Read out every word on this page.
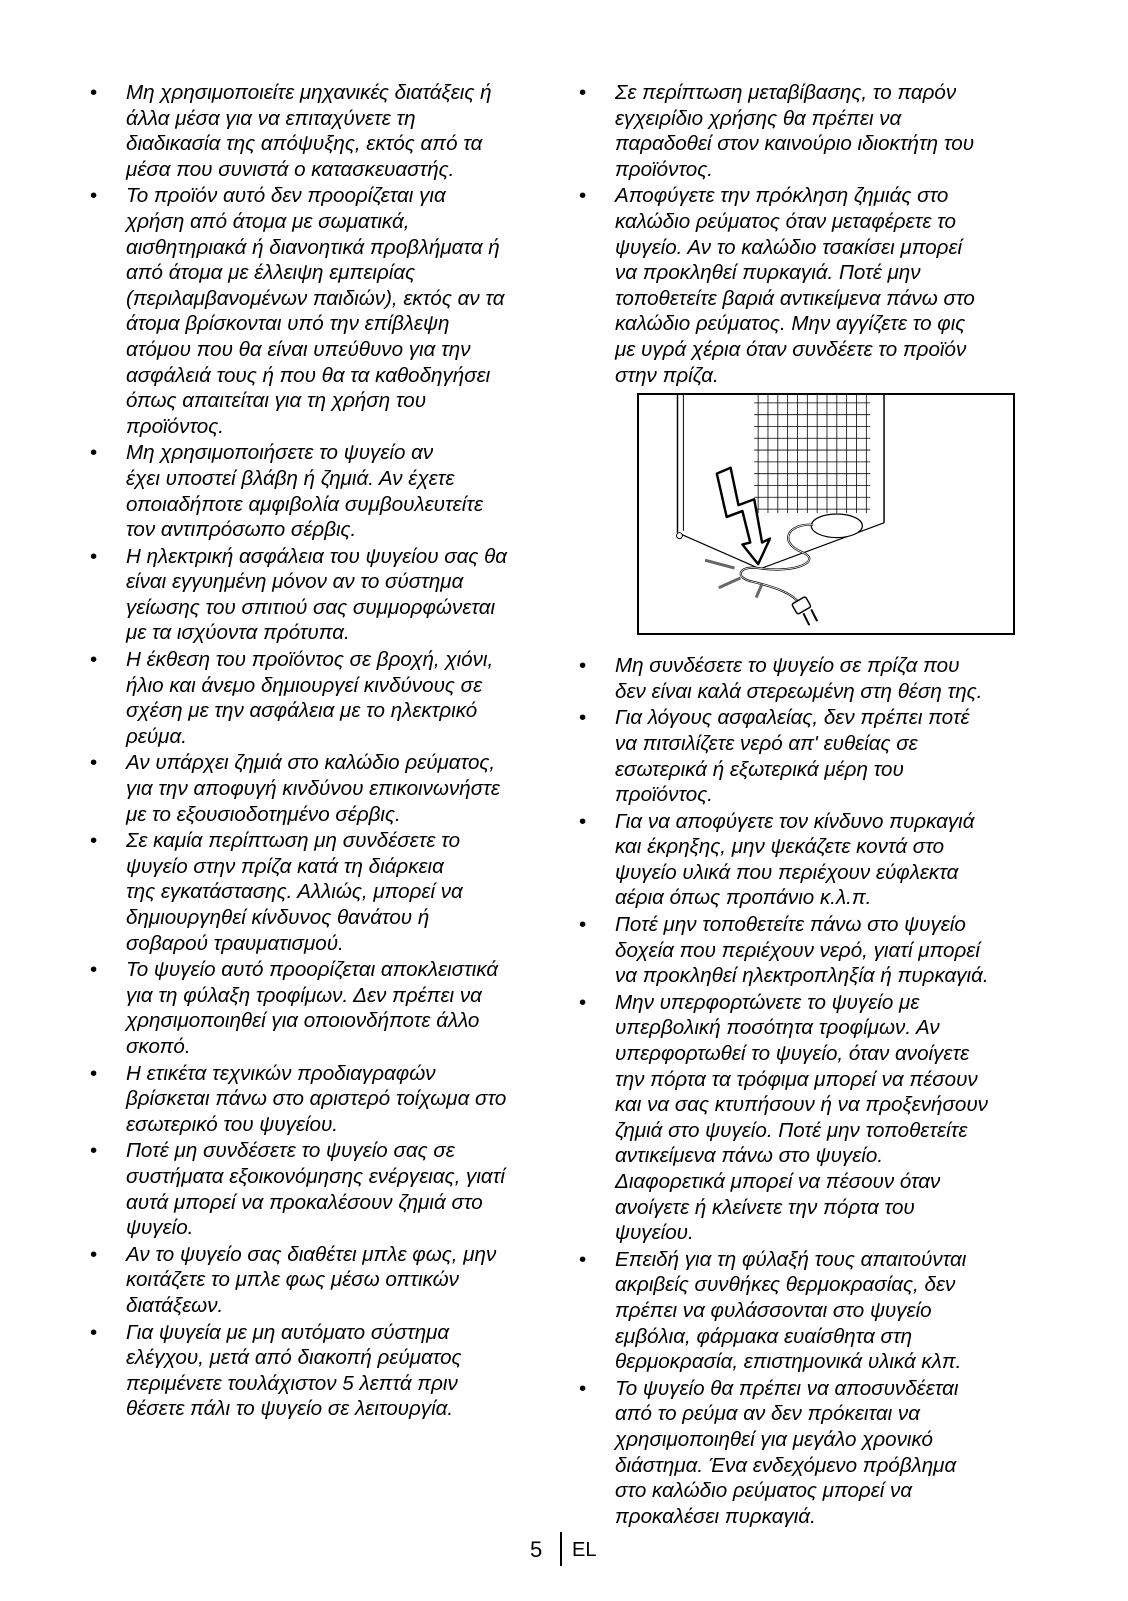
• Μη χρησιμοποιείτε μηχανικές διατάξεις ή
άλλα μέσα για να επιταχύνετε τη
διαδικασία της απόψυξης, εκτός από τα
μέσα που συνιστά ο κατασκευαστής.
• Το προϊόν αυτό δεν προορίζεται για
χρήση από άτομα με σωματικά,
αισθητηριακά ή διανοητικά προβλήματα ή
από άτομα με έλλειψη εμπειρίας
(περιλαμβανομένων παιδιών), εκτός αν τα
άτομα βρίσκονται υπό την επίβλεψη
ατόμου που θα είναι υπεύθυνο για την
ασφάλειά τους ή που θα τα καθοδηγήσει
όπως απαιτείται για τη χρήση του
προϊόντος.
• Μη χρησιμοποιήσετε το ψυγείο αν
έχει υποστεί βλάβη ή ζημιά. Αν έχετε
οποιαδήποτε αμφιβολία συμβουλευτείτε
τον αντιπρόσωπο σέρβις.
• Η ηλεκτρική ασφάλεια του ψυγείου σας θα
είναι εγγυημένη μόνον αν το σύστημα
γείωσης του σπιτιού σας συμμορφώνεται
με τα ισχύοντα πρότυπα.
• Η έκθεση του προϊόντος σε βροχή, χιόνι,
ήλιο και άνεμο δημιουργεί κινδύνους σε
σχέση με την ασφάλεια με το ηλεκτρικό
ρεύμα.
• Αν υπάρχει ζημιά στο καλώδιο ρεύματος,
για την αποφυγή κινδύνου επικοινωνήστε
με το εξουσιοδοτημένο σέρβις.
• Σε καμία περίπτωση μη συνδέσετε το
ψυγείο στην πρίζα κατά τη διάρκεια
της εγκατάστασης. Αλλιώς, μπορεί να
δημιουργηθεί κίνδυνος θανάτου ή
σοβαρού τραυματισμού.
• Το ψυγείο αυτό προορίζεται αποκλειστικά
για τη φύλαξη τροφίμων. Δεν πρέπει να
χρησιμοποιηθεί για οποιονδήποτε άλλο
σκοπό.
• Η ετικέτα τεχνικών προδιαγραφών
βρίσκεται πάνω στο αριστερό τοίχωμα στο
εσωτερικό του ψυγείου.
• Ποτέ μη συνδέσετε το ψυγείο σας σε
συστήματα εξοικονόμησης ενέργειας, γιατί
αυτά μπορεί να προκαλέσουν ζημιά στο
ψυγείο.
• Αν το ψυγείο σας διαθέτει μπλε φως, μην
κοιτάζετε το μπλε φως μέσω οπτικών
διατάξεων.
• Για ψυγεία με μη αυτόματο σύστημα
ελέγχου, μετά από διακοπή ρεύματος
περιμένετε τουλάχιστον 5 λεπτά πριν
θέσετε πάλι το ψυγείο σε λειτουργία.
• Σε περίπτωση μεταβίβασης, το παρόν
εγχειρίδιο χρήσης θα πρέπει να
παραδοθεί στον καινούριο ιδιοκτήτη του
προϊόντος.
• Αποφύγετε την πρόκληση ζημιάς στο
καλώδιο ρεύματος όταν μεταφέρετε το
ψυγείο. Αν το καλώδιο τσακίσει μπορεί
να προκληθεί πυρκαγιά. Ποτέ μην
τοποθετείτε βαριά αντικείμενα πάνω στο
καλώδιο ρεύματος. Μην αγγίζετε το φις
με υγρά χέρια όταν συνδέετε το προϊόν
στην πρίζα.
• Μη συνδέσετε το ψυγείο σε πρίζα που
δεν είναι καλά στερεωμένη στη θέση της.
• Για λόγους ασφαλείας, δεν πρέπει ποτέ
να πιτσιλίζετε νερό απ' ευθείας σε
εσωτερικά ή εξωτερικά μέρη του
προϊόντος.
• Για να αποφύγετε τον κίνδυνο πυρκαγιά
και έκρηξης, μην ψεκάζετε κοντά στο
ψυγείο υλικά που περιέχουν εύφλεκτα
αέρια όπως προπάνιο κ.λ.π.
• Ποτέ μην τοποθετείτε πάνω στο ψυγείο
δοχεία που περιέχουν νερό, γιατί μπορεί
να προκληθεί ηλεκτροπληξία ή πυρκαγιά.
• Μην υπερφορτώνετε το ψυγείο με
υπερβολική ποσότητα τροφίμων. Αν
υπερφορτωθεί το ψυγείο, όταν ανοίγετε
την πόρτα τα τρόφιμα μπορεί να πέσουν
και να σας κτυπήσουν ή να προξενήσουν
ζημιά στο ψυγείο. Ποτέ μην τοποθετείτε
αντικείμενα πάνω στο ψυγείο.
Διαφορετικά μπορεί να πέσουν όταν
ανοίγετε ή κλείνετε την πόρτα του
ψυγείου.
• Επειδή για τη φύλαξή τους απαιτούνται
ακριβείς συνθήκες θερμοκρασίας, δεν
πρέπει να φυλάσσονται στο ψυγείο
εμβόλια, φάρμακα ευαίσθητα στη
θερμοκρασία, επιστημονικά υλικά κλπ.
• Το ψυγείο θα πρέπει να αποσυνδέεται
από το ρεύμα αν δεν πρόκειται να
χρησιμοποιηθεί για μεγάλο χρονικό
διάστημα. Ένα ενδεχόμενο πρόβλημα
στο καλώδιο ρεύματος μπορεί να
προκαλέσει πυρκαγιά.
5 EL
